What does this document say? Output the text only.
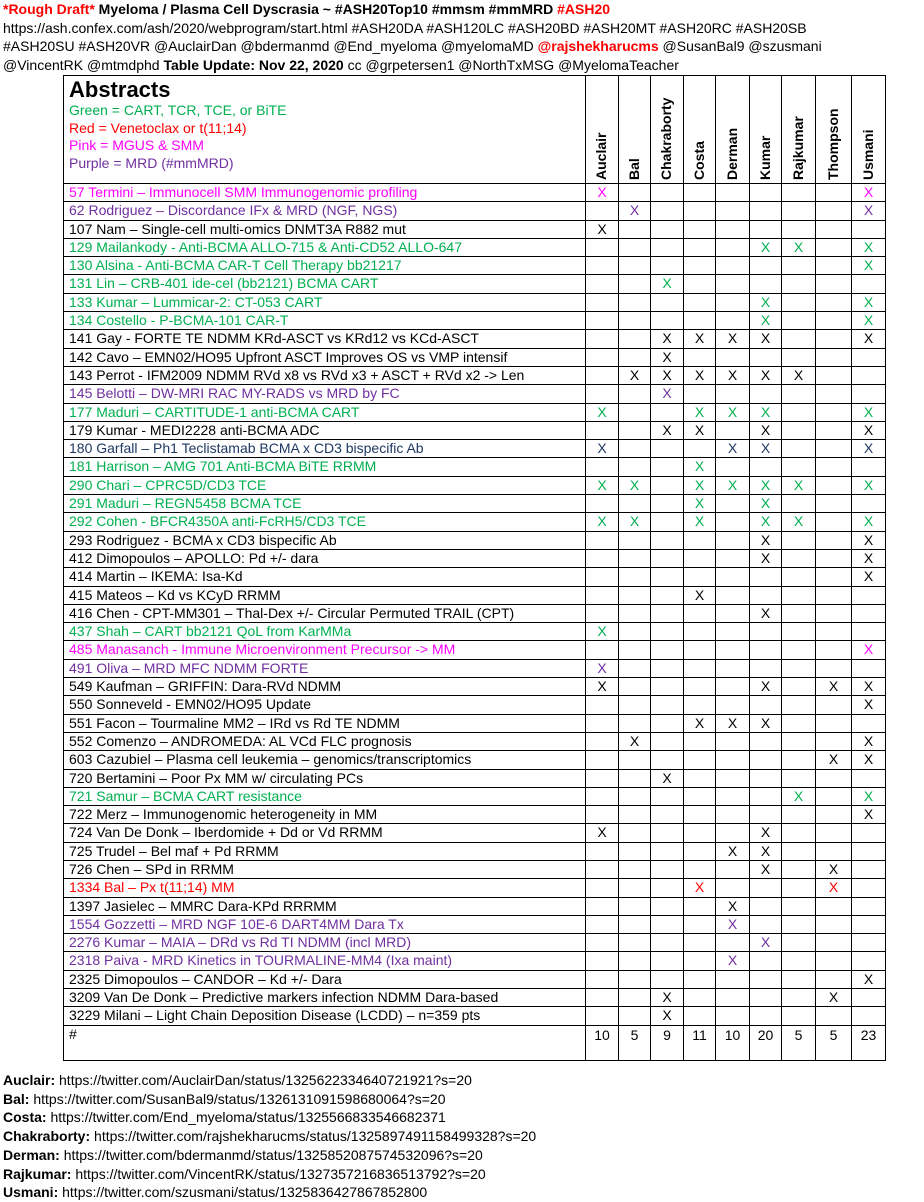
*Rough Draft* Myeloma / Plasma Cell Dyscrasia ~ #ASH20Top10 #mmsm #mmMRD #ASH20
https://ash.confex.com/ash/2020/webprogram/start.html #ASH20DA #ASH120LC #ASH20BD #ASH20MT #ASH20RC #ASH20SB
#ASH20SU #ASH20VR @AuclairDan @bdermanmd @End_myeloma @myelomaMD @rajshekharucms @SusanBal9 @szusmani
@VincentRK @mtmdphd Table Update: Nov 22, 2020 cc @grpetersen1 @NorthTxMSG @MyelomaTeacher
Abstracts
Green = CART, TCR, TCE, or BiTE
Red = Venetoclax or t(11;14)
Pink = MGUS & SMM
Purple = MRD (#mmMRD)	Auclair	Bal	Chakraborty	Costa	Derman	Kumar	Rajkumar	Thompson	Usmani

57 Termini – Immunocell SMM Immunogenomic profiling	X								X
62 Rodriguez – Discordance IFx & MRD (NGF, NGS)		X							X
107 Nam – Single-cell multi-omics DNMT3A R882 mut	X								
129 Mailankody - Anti-BCMA ALLO-715 & Anti-CD52 ALLO-647						X	X		X
130 Alsina - Anti-BCMA CAR-T Cell Therapy bb21217									X
131 Lin – CRB-401 ide-cel (bb2121) BCMA CART			X						
133 Kumar – Lummicar-2: CT-053 CART						X			X
134 Costello - P-BCMA-101 CAR-T						X			X
141 Gay - FORTE TE NDMM KRd-ASCT vs KRd12 vs KCd-ASCT			X	X	X	X			X
142 Cavo – EMN02/HO95 Upfront ASCT Improves OS vs VMP intensif			X						
143 Perrot - IFM2009 NDMM RVd x8 vs RVd x3 + ASCT + RVd x2 -> Len		X	X	X	X	X	X		
145 Belotti – DW-MRI RAC MY-RADS vs MRD by FC			X						
177 Maduri – CARTITUDE-1 anti-BCMA CART	X			X	X	X			X
179 Kumar - MEDI2228 anti-BCMA ADC			X	X		X			X
180 Garfall – Ph1 Teclistamab BCMA x CD3 bispecific Ab	X				X	X			X
181 Harrison – AMG 701 Anti-BCMA BiTE RRMM				X					
290 Chari – CPRC5D/CD3 TCE	X	X		X	X	X	X		X
291 Maduri – REGN5458 BCMA TCE				X		X			
292 Cohen - BFCR4350A anti-FcRH5/CD3 TCE	X	X		X		X	X		X
293 Rodriguez - BCMA x CD3 bispecific Ab						X			X
412 Dimopoulos – APOLLO: Pd +/- dara						X			X
414 Martin – IKEMA: Isa-Kd									X
415 Mateos – Kd vs KCyD RRMM				X					
416 Chen - CPT-MM301 – Thal-Dex +/- Circular Permuted TRAIL (CPT)						X			
437 Shah – CART bb2121 QoL from KarMMa	X								
485 Manasanch - Immune Microenvironment Precursor -> MM									X
491 Oliva – MRD MFC NDMM FORTE	X								
549 Kaufman – GRIFFIN: Dara-RVd NDMM	X					X		X	X
550 Sonneveld - EMN02/HO95 Update									X
551 Facon – Tourmaline MM2 – IRd vs Rd TE NDMM				X	X	X			
552 Comenzo – ANDROMEDA: AL VCd FLC prognosis		X							X
603 Cazubiel – Plasma cell leukemia – genomics/transcriptomics								X	X
720 Bertamini – Poor Px MM w/ circulating PCs			X						
721 Samur – BCMA CART resistance							X		X
722 Merz – Immunogenomic heterogeneity in MM									X
724 Van De Donk – Iberdomide + Dd or Vd RRMM	X					X			
725 Trudel – Bel maf + Pd RRMM					X	X			
726 Chen – SPd in RRMM						X		X	
1334 Bal – Px t(11;14) MM				X				X	
1397 Jasielec – MMRC Dara-KPd RRRMM					X				
1554 Gozzetti – MRD NGF 10E-6 DART4MM Dara Tx					X				
2276 Kumar – MAIA – DRd vs Rd TI NDMM (incl MRD)						X			
2318 Paiva - MRD Kinetics in TOURMALINE-MM4 (Ixa maint)					X				
2325 Dimopoulos – CANDOR – Kd +/- Dara									X
3209 Van De Donk – Predictive markers infection NDMM Dara-based			X					X	
3229 Milani – Light Chain Deposition Disease (LCDD) – n=359 pts			X						
#	10	5	9	11	10	20	5	5	23
Auclair: https://twitter.com/AuclairDan/status/1325622334640721921?s=20
Bal: https://twitter.com/SusanBal9/status/1326131091598680064?s=20
Costa: https://twitter.com/End_myeloma/status/1325566833546682371
Chakraborty: https://twitter.com/rajshekharucms/status/1325897491158499328?s=20
Derman: https://twitter.com/bdermanmd/status/1325852087574532096?s=20
Rajkumar: https://twitter.com/VincentRK/status/1327357216836513792?s=20
Usmani: https://twitter.com/szusmani/status/1325836427867852800
